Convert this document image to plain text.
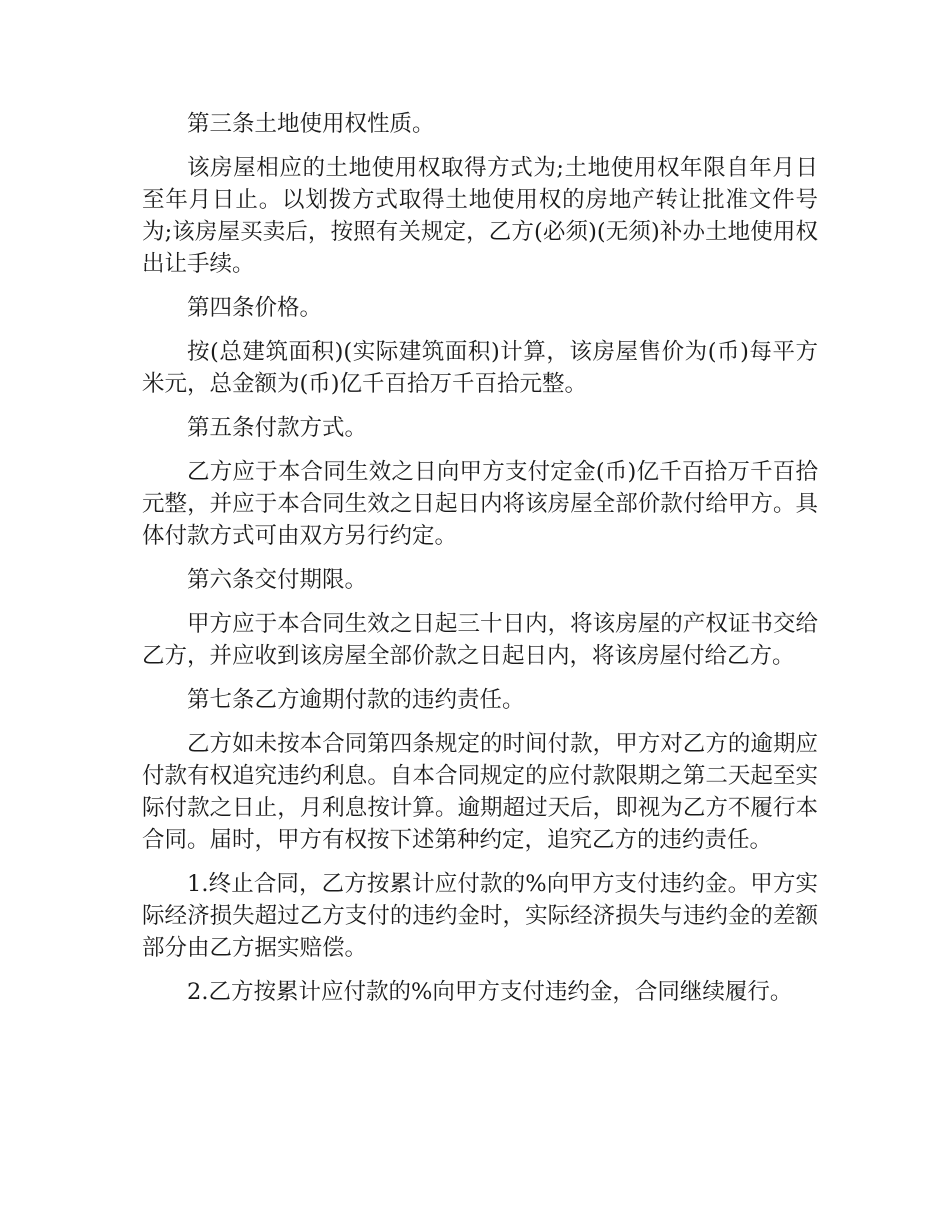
第三条土地使用权性质。

该房屋相应的土地使用权取得方式为;土地使用权年限自年月日至年月日止。以划拨方式取得土地使用权的房地产转让批准文件号为;该房屋买卖后，按照有关规定，乙方(必须)(无须)补办土地使用权出让手续。

第四条价格。

按(总建筑面积)(实际建筑面积)计算，该房屋售价为(币)每平方米元，总金额为(币)亿千百拾万千百拾元整。

第五条付款方式。

乙方应于本合同生效之日向甲方支付定金(币)亿千百拾万千百拾元整，并应于本合同生效之日起日内将该房屋全部价款付给甲方。具体付款方式可由双方另行约定。

第六条交付期限。

甲方应于本合同生效之日起三十日内，将该房屋的产权证书交给乙方，并应收到该房屋全部价款之日起日内，将该房屋付给乙方。

第七条乙方逾期付款的违约责任。

乙方如未按本合同第四条规定的时间付款，甲方对乙方的逾期应付款有权追究违约利息。自本合同规定的应付款限期之第二天起至实际付款之日止，月利息按计算。逾期超过天后，即视为乙方不履行本合同。届时，甲方有权按下述第种约定，追究乙方的违约责任。

1.终止合同，乙方按累计应付款的%向甲方支付违约金。甲方实际经济损失超过乙方支付的违约金时，实际经济损失与违约金的差额部分由乙方据实赔偿。

2.乙方按累计应付款的%向甲方支付违约金，合同继续履行。
